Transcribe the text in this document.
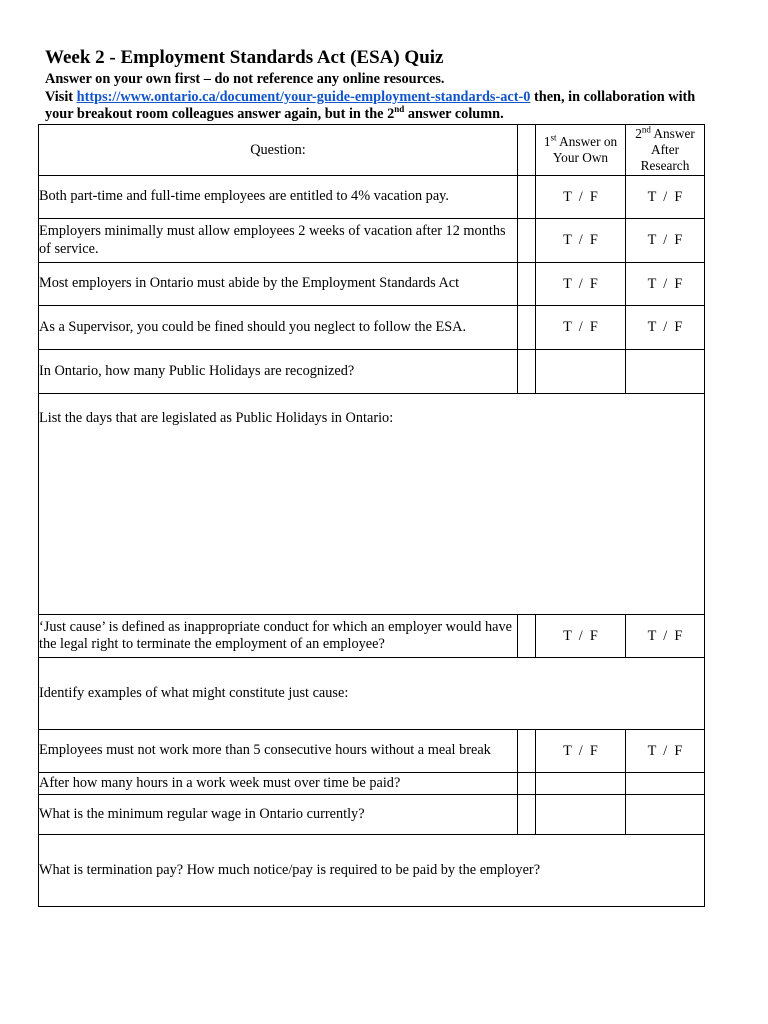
Week 2 - Employment Standards Act (ESA) Quiz
Answer on your own first – do not reference any online resources.
Visit https://www.ontario.ca/document/your-guide-employment-standards-act-0 then, in collaboration with your breakout room colleagues answer again, but in the 2nd answer column.
Question:		1st Answer on Your Own	2nd Answer After Research
Both part-time and full-time employees are entitled to 4% vacation pay.		T  /  F	T  /  F
Employers minimally must allow employees 2 weeks of vacation after 12 months of service.		T  /  F	T  /  F
Most employers in Ontario must abide by the Employment Standards Act		T  /  F	T  /  F
As a Supervisor, you could be fined should you neglect to follow the ESA.		T  /  F	T  /  F
In Ontario, how many Public Holidays are recognized?			
List the days that are legislated as Public Holidays in Ontario:			
‘Just cause’ is defined as inappropriate conduct for which an employer would have the legal right to terminate the employment of an employee?		T  /  F	T  /  F
Identify examples of what might constitute just cause:			
Employees must not work more than 5 consecutive hours without a meal break		T  /  F	T  /  F
After how many hours in a work week must over time be paid?			
What is the minimum regular wage in Ontario currently?			
What is termination pay? How much notice/pay is required to be paid by the employer?			
